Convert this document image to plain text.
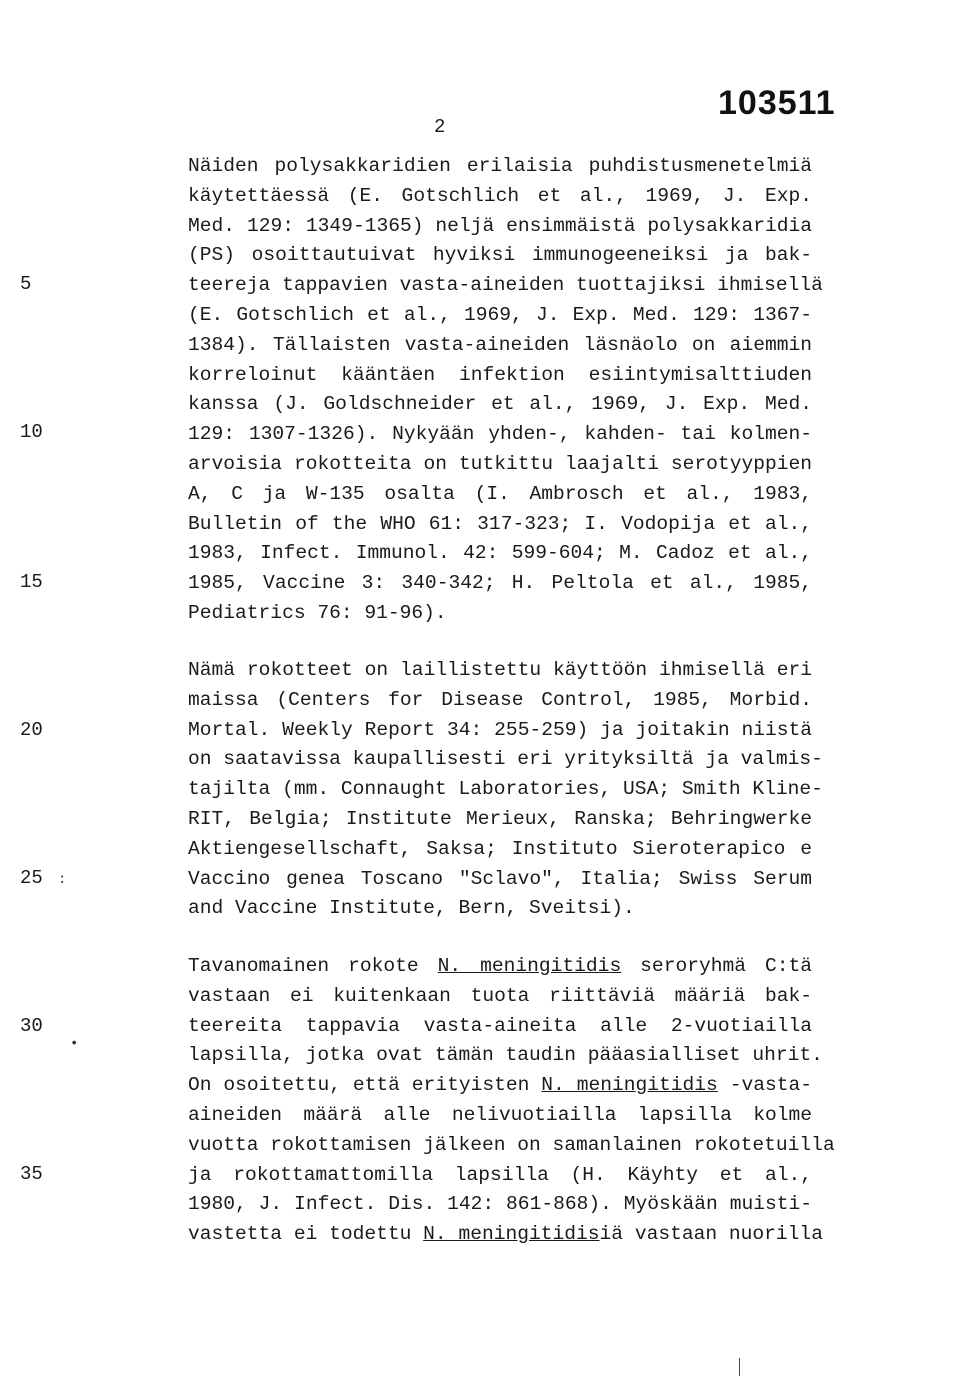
2
103511
Näiden polysakkaridien erilaisia puhdistusmenetelmiä
käytettäessä (E. Gotschlich et al., 1969, J. Exp.
Med. 129: 1349-1365) neljä ensimmäistä polysakkaridia
(PS) osoittautuivat hyviksi immunogeeneiksi ja bak-
teereja tappavien vasta-aineiden tuottajiksi ihmisellä
(E. Gotschlich et al., 1969, J. Exp. Med. 129: 1367-
1384). Tällaisten vasta-aineiden läsnäolo on aiemmin
korreloinut kääntäen infektion esiintymisalttiuden
kanssa (J. Goldschneider et al., 1969, J. Exp. Med.
129: 1307-1326). Nykyään yhden-, kahden- tai kolmen-
arvoisia rokotteita on tutkittu laajalti serotyyppien
A, C ja W-135 osalta (I. Ambrosch et al., 1983,
Bulletin of the WHO 61: 317-323; I. Vodopija et al.,
1983, Infect. Immunol. 42: 599-604; M. Cadoz et al.,
1985, Vaccine 3: 340-342; H. Peltola et al., 1985,
Pediatrics 76: 91-96).
Nämä rokotteet on laillistettu käyttöön ihmisellä eri
maissa (Centers for Disease Control, 1985, Morbid.
Mortal. Weekly Report 34: 255-259) ja joitakin niistä
on saatavissa kaupallisesti eri yrityksiltä ja valmis-
tajilta (mm. Connaught Laboratories, USA; Smith Kline-
RIT, Belgia; Institute Merieux, Ranska; Behringwerke
Aktiengesellschaft, Saksa; Instituto Sieroterapico e
Vaccino genea Toscano "Sclavo", Italia; Swiss Serum
and Vaccine Institute, Bern, Sveitsi).
Tavanomainen rokote N. meningitidis seroryhmä C:tä
vastaan ei kuitenkaan tuota riittäviä määriä bak-
teereita tappavia vasta-aineita alle 2-vuotiailla
lapsilla, jotka ovat tämän taudin pääasialliset uhrit.
On osoitettu, että erityisten N. meningitidis -vasta-
aineiden määrä alle nelivuotiailla lapsilla kolme
vuotta rokottamisen jälkeen on samanlainen rokotetuilla
ja rokottamattomilla lapsilla (H. Käyhty et al.,
1980, J. Infect. Dis. 142: 861-868). Myöskään muisti-
vastetta ei todettu N. meningitidisiä vastaan nuorilla
5
10
15
20
25
30
35
:
•
